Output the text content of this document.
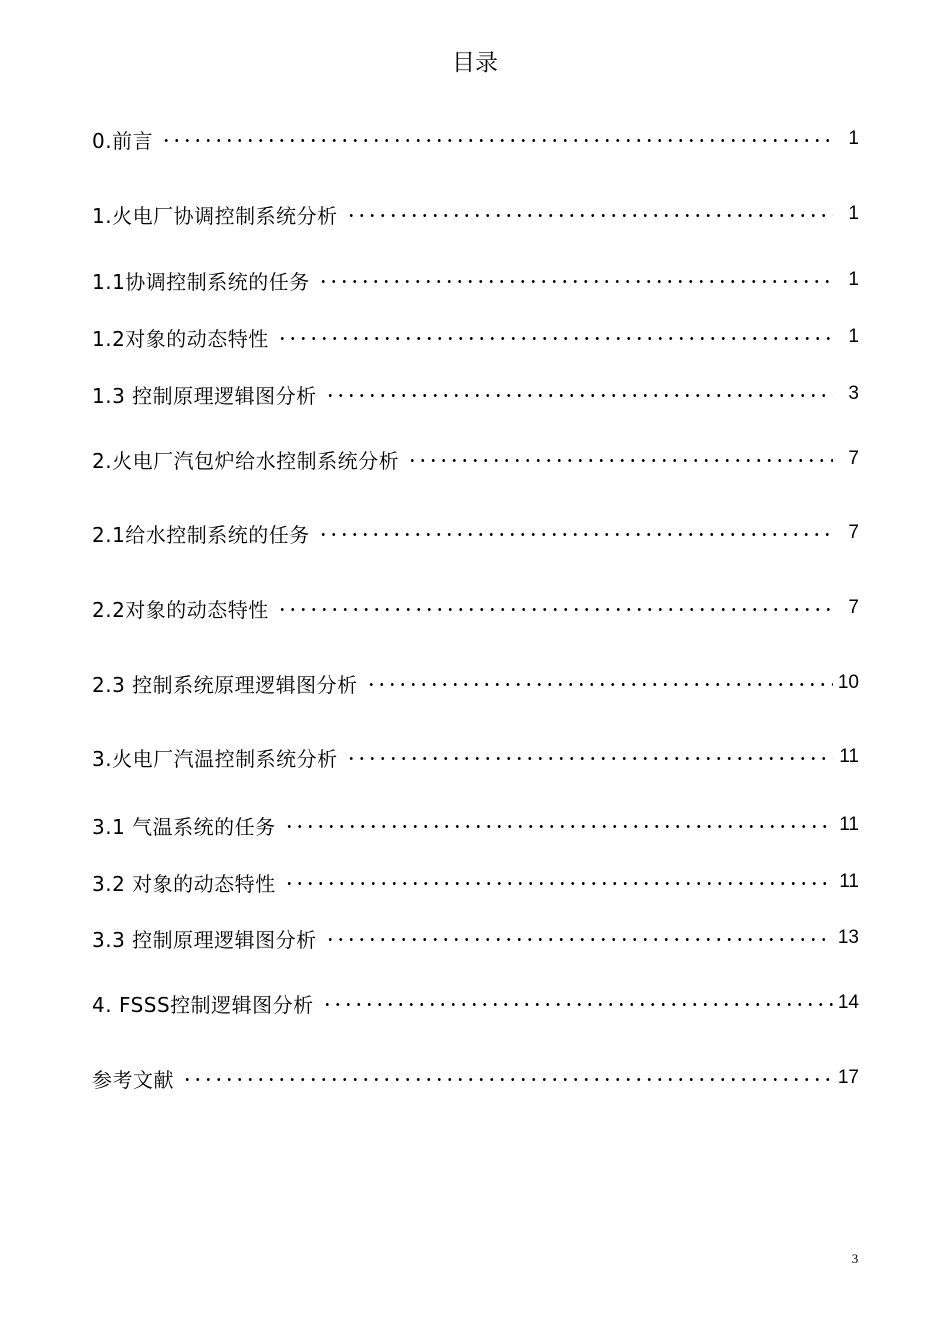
目录
0.前言	1
1.火电厂协调控制系统分析	1
1.1协调控制系统的任务	1
1.2对象的动态特性	1
1.3 控制原理逻辑图分析	3
2.火电厂汽包炉给水控制系统分析	7
2.1给水控制系统的任务	7
2.2对象的动态特性	7
2.3 控制系统原理逻辑图分析	10
3.火电厂汽温控制系统分析	11
3.1 气温系统的任务	11
3.2 对象的动态特性	11
3.3 控制原理逻辑图分析	13
4. FSSS控制逻辑图分析	14
参考文献	17
3
